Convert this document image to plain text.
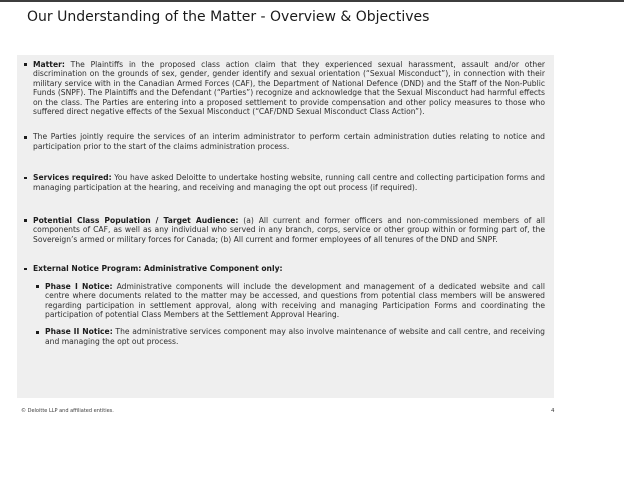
Our Understanding of the Matter - Overview & Objectives
Matter: The Plaintiffs in the proposed class action claim that they experienced sexual harassment, assault and/or other discrimination on the grounds of sex, gender, gender identify and sexual orientation (“Sexual Misconduct”), in connection with their military service with in the Canadian Armed Forces (CAF), the Department of National Defence (DND) and the Staff of the Non-Public Funds (SNPF). The Plaintiffs and the Defendant (“Parties”) recognize and acknowledge that the Sexual Misconduct had harmful effects on the class. The Parties are entering into a proposed settlement to provide compensation and other policy measures to those who suffered direct negative effects of the Sexual Misconduct (“CAF/DND Sexual Misconduct Class Action”).
The Parties jointly require the services of an interim administrator to perform certain administration duties relating to notice and participation prior to the start of the claims administration process.
Services required: You have asked Deloitte to undertake hosting website, running call centre and collecting participation forms and managing participation at the hearing, and receiving and managing the opt out process (if required).
Potential Class Population / Target Audience: (a) All current and former officers and non-commissioned members of all components of CAF, as well as any individual who served in any branch, corps, service or other group within or forming part of, the Sovereign’s armed or military forces for Canada; (b) All current and former employees of all tenures of the DND and SNPF.
External Notice Program: Administrative Component only:
Phase I Notice: Administrative components will include the development and management of a dedicated website and call centre where documents related to the matter may be accessed, and questions from potential class members will be answered regarding participation in settlement approval, along with receiving and managing Participation Forms and coordinating the participation of potential Class Members at the Settlement Approval Hearing.
Phase II Notice: The administrative services component may also involve maintenance of website and call centre, and receiving and managing the opt out process.
© Deloitte LLP and affiliated entities.	4
